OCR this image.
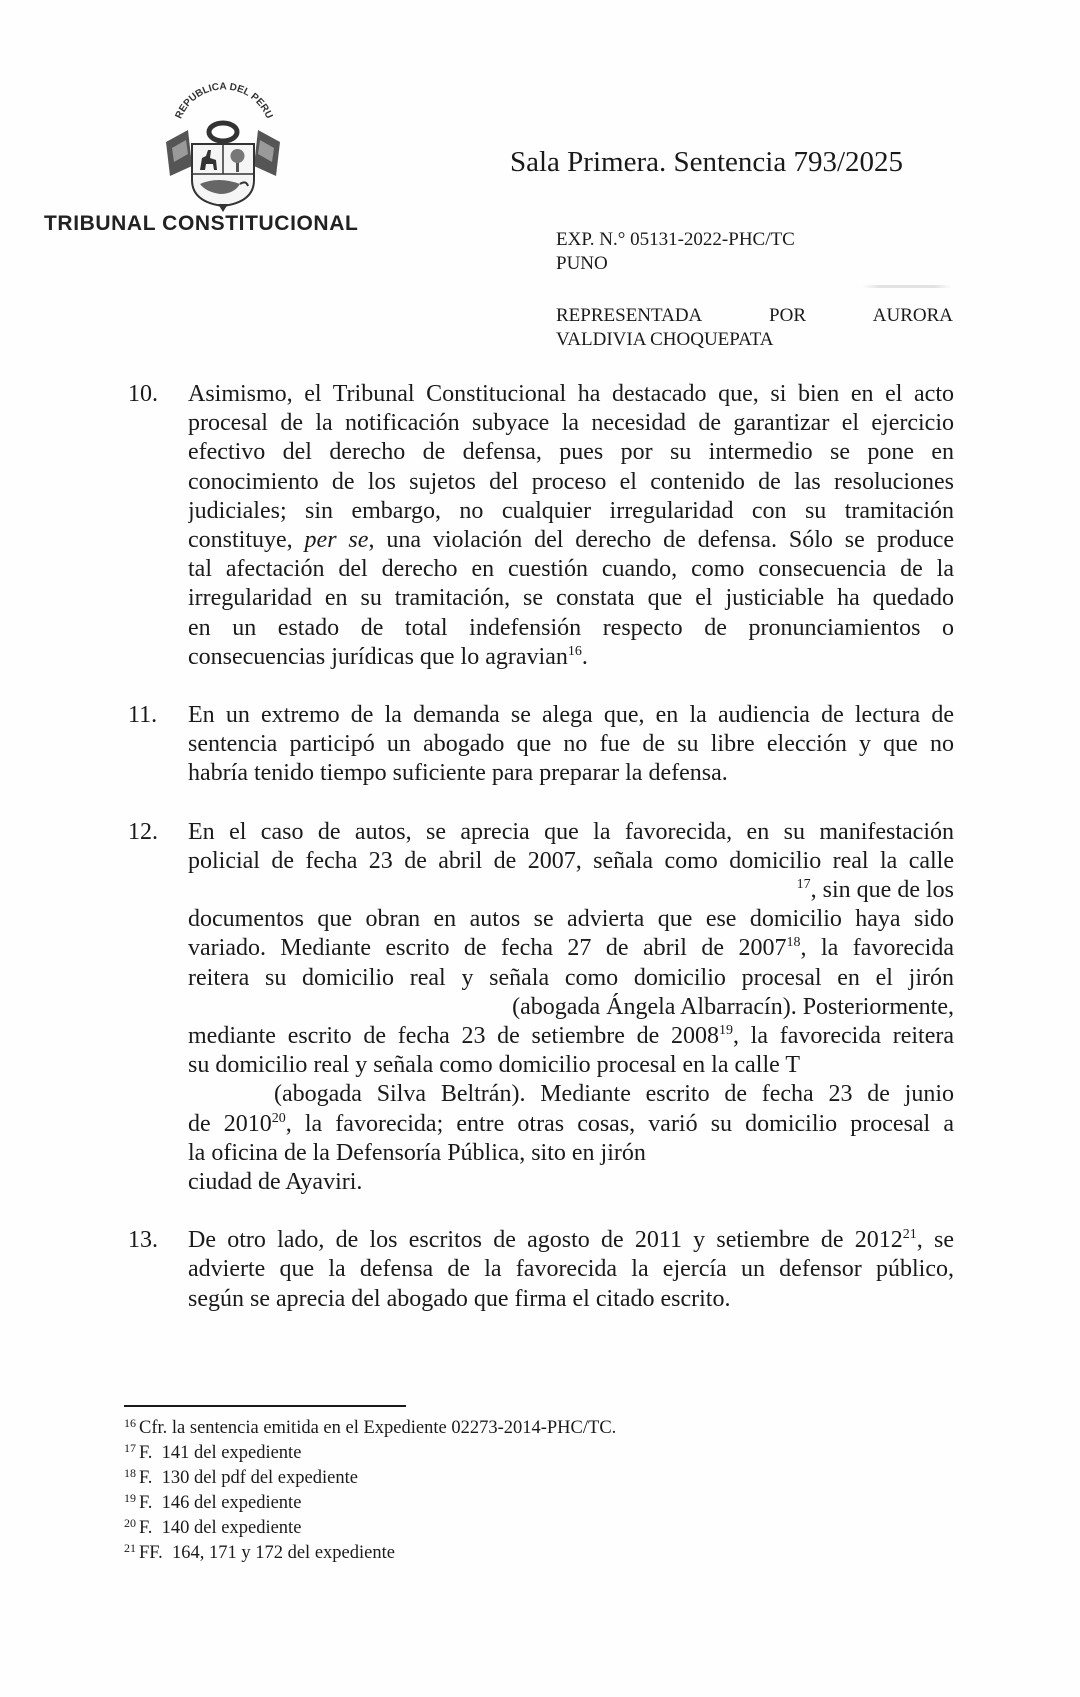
REPUBLICA DEL PERU
TRIBUNAL CONSTITUCIONAL
Sala Primera. Sentencia 793/2025
EXP. N.° 05131-2022-PHC/TC
PUNO
REPRESENTADA	POR	AURORA
VALDIVIA CHOQUEPATA
10. Asimismo, el Tribunal Constitucional ha destacado que, si bien en el acto
procesal de la notificación subyace la necesidad de garantizar el ejercicio
efectivo del derecho de defensa, pues por su intermedio se pone en
conocimiento de los sujetos del proceso el contenido de las resoluciones
judiciales; sin embargo, no cualquier irregularidad con su tramitación
constituye, per se, una violación del derecho de defensa. Sólo se produce
tal afectación del derecho en cuestión cuando, como consecuencia de la
irregularidad en su tramitación, se constata que el justiciable ha quedado
en un estado de total indefensión respecto de pronunciamientos o
consecuencias jurídicas que lo agravian$^{16}$.
11. En un extremo de la demanda se alega que, en la audiencia de lectura de
sentencia participó un abogado que no fue de su libre elección y que no
habría tenido tiempo suficiente para preparar la defensa.
12. En el caso de autos, se aprecia que la favorecida, en su manifestación
policial de fecha 23 de abril de 2007, señala como domicilio real la calle
$^{17}$, sin que de los
documentos que obran en autos se advierta que ese domicilio haya sido
variado. Mediante escrito de fecha 27 de abril de 2007$^{18}$, la favorecida
reitera su domicilio real y señala como domicilio procesal en el jirón
(abogada Ángela Albarracín). Posteriormente,
mediante escrito de fecha 23 de setiembre de 2008$^{19}$, la favorecida reitera
su domicilio real y señala como domicilio procesal en la calle T
(abogada Silva Beltrán). Mediante escrito de fecha 23 de junio
de 2010$^{20}$, la favorecida; entre otras cosas, varió su domicilio procesal a
la oficina de la Defensoría Pública, sito en jirón
ciudad de Ayaviri.
13. De otro lado, de los escritos de agosto de 2011 y setiembre de 2012$^{21}$, se
advierte que la defensa de la favorecida la ejercía un defensor público,
según se aprecia del abogado que firma el citado escrito.
$^{16}$ Cfr. la sentencia emitida en el Expediente 02273-2014-PHC/TC.
$^{17}$ F.  141 del expediente
$^{18}$ F.  130 del pdf del expediente
$^{19}$ F.  146 del expediente
$^{20}$ F.  140 del expediente
$^{21}$ FF.  164, 171 y 172 del expediente
